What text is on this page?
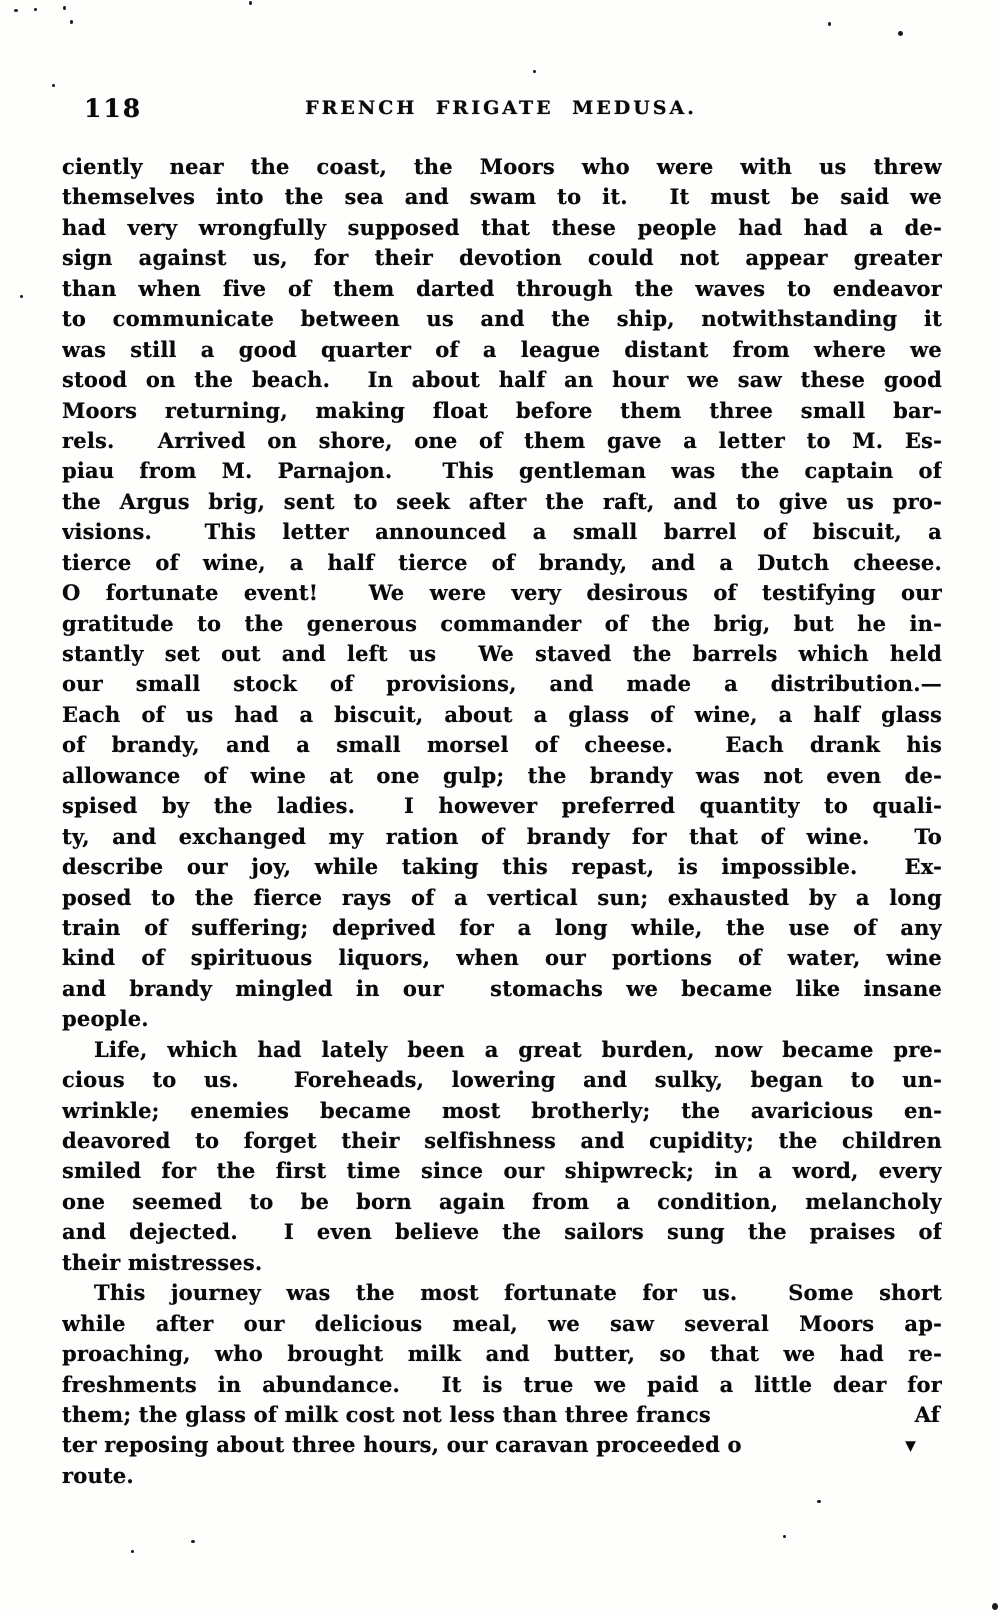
118	FRENCH FRIGATE MEDUSA.
ciently near the coast, the Moors who were with us threw
themselves into the sea and swam to it.  It must be said we
had very wrongfully supposed that these people had had a de-
sign against us, for their devotion could not appear greater
than when five of them darted through the waves to endeavor
to communicate between us and the ship, notwithstanding it
was still a good quarter of a league distant from where we
stood on the beach.  In about half an hour we saw these good
Moors returning, making float before them three small bar-
rels.  Arrived on shore, one of them gave a letter to M. Es-
piau from M. Parnajon.  This gentleman was the captain of
the Argus brig, sent to seek after the raft, and to give us pro-
visions.  This letter announced a small barrel of biscuit, a
tierce of wine, a half tierce of brandy, and a Dutch cheese.
O fortunate event!  We were very desirous of testifying our
gratitude to the generous commander of the brig, but he in-
stantly set out and left us  We staved the barrels which held
our small stock of provisions, and made a distribution.—
Each of us had a biscuit, about a glass of wine, a half glass
of brandy, and a small morsel of cheese.  Each drank his
allowance of wine at one gulp; the brandy was not even de-
spised by the ladies.  I however preferred quantity to quali-
ty, and exchanged my ration of brandy for that of wine.  To
describe our joy, while taking this repast, is impossible.  Ex-
posed to the fierce rays of a vertical sun; exhausted by a long
train of suffering; deprived for a long while, the use of any
kind of spirituous liquors, when our portions of water, wine
and brandy mingled in our  stomachs we became like insane
people.
Life, which had lately been a great burden, now became pre-
cious to us.  Foreheads, lowering and sulky, began to un-
wrinkle; enemies became most brotherly; the avaricious en-
deavored to forget their selfishness and cupidity; the children
smiled for the first time since our shipwreck; in a word, every
one seemed to be born again from a condition, melancholy
and dejected.  I even believe the sailors sung the praises of
their mistresses.
This journey was the most fortunate for us.  Some short
while after our delicious meal, we saw several Moors ap-
proaching, who brought milk and butter, so that we had re-
freshments in abundance.  It is true we paid a little dear for
them; the glass of milk cost not less than three francs	Af
ter reposing about three hours, our caravan proceeded o	▾
route.
